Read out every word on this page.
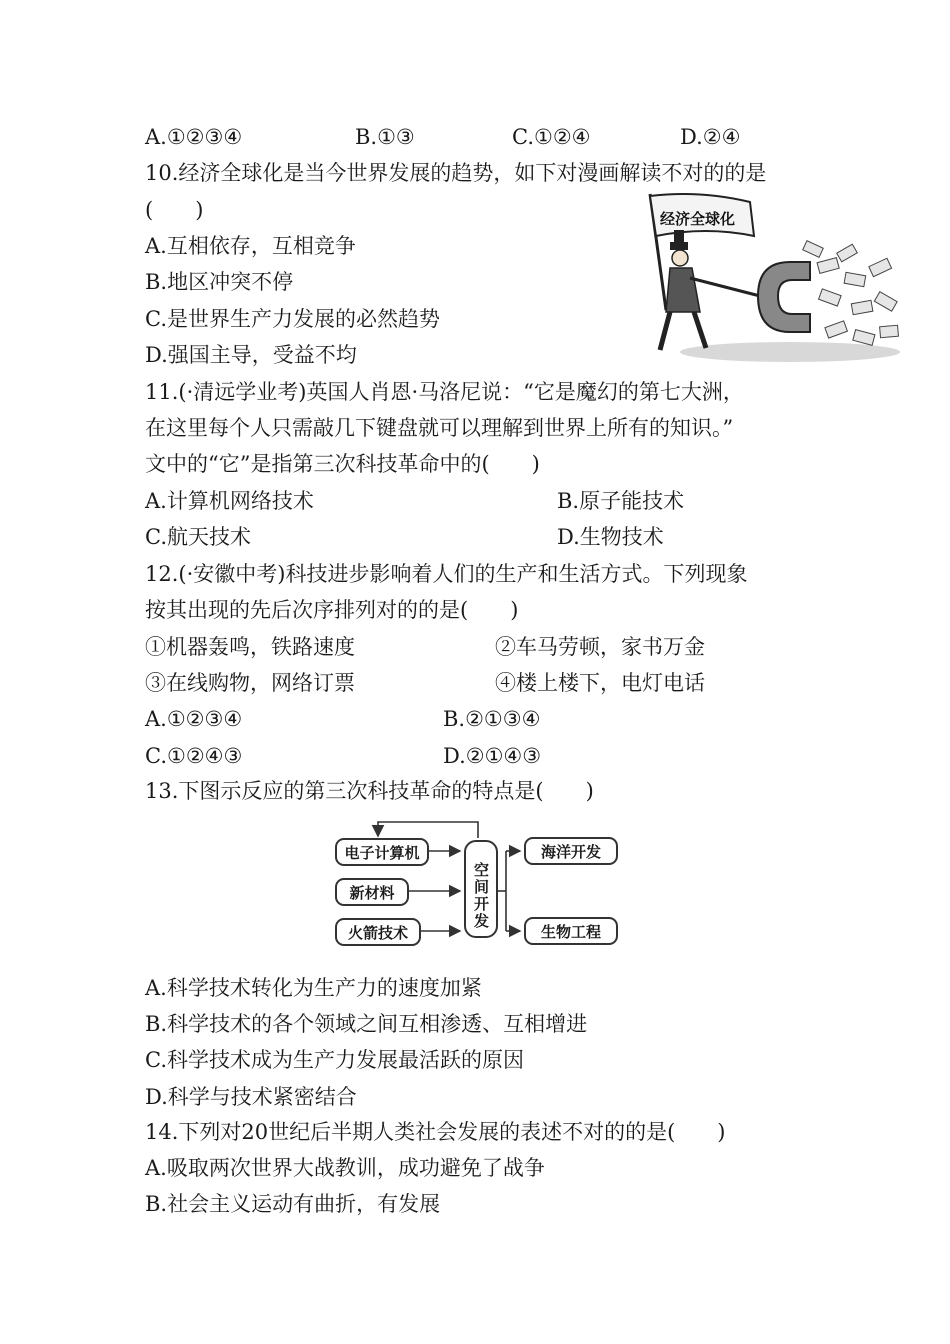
A.①②③④	B.①③	C.①②④	D.②④
10.经济全球化是当今世界发展的趋势，如下对漫画解读不对的的是
(　　)
A.互相依存，互相竞争
B.地区冲突不停
C.是世界生产力发展的必然趋势
D.强国主导，受益不均
经济全球化
11.(·清远学业考)英国人肖恩·马洛尼说：“它是魔幻的第七大洲，
在这里每个人只需敲几下键盘就可以理解到世界上所有的知识。”
文中的“它”是指第三次科技革命中的(　　)
A.计算机网络技术	B.原子能技术
C.航天技术	D.生物技术
12.(·安徽中考)科技进步影响着人们的生产和生活方式。下列现象
按其出现的先后次序排列对的的是(　　)
①机器轰鸣，铁路速度	②车马劳顿，家书万金
③在线购物，网络订票	④楼上楼下，电灯电话
A.①②③④	B.②①③④
C.①②④③	D.②①④③
13.下图示反应的第三次科技革命的特点是(　　)
电子计算机
新材料
火箭技术
空间开发
海洋开发
生物工程
A.科学技术转化为生产力的速度加紧
B.科学技术的各个领域之间互相渗透、互相增进
C.科学技术成为生产力发展最活跃的原因
D.科学与技术紧密结合
14.下列对20世纪后半期人类社会发展的表述不对的的是(　　)
A.吸取两次世界大战教训，成功避免了战争
B.社会主义运动有曲折，有发展
